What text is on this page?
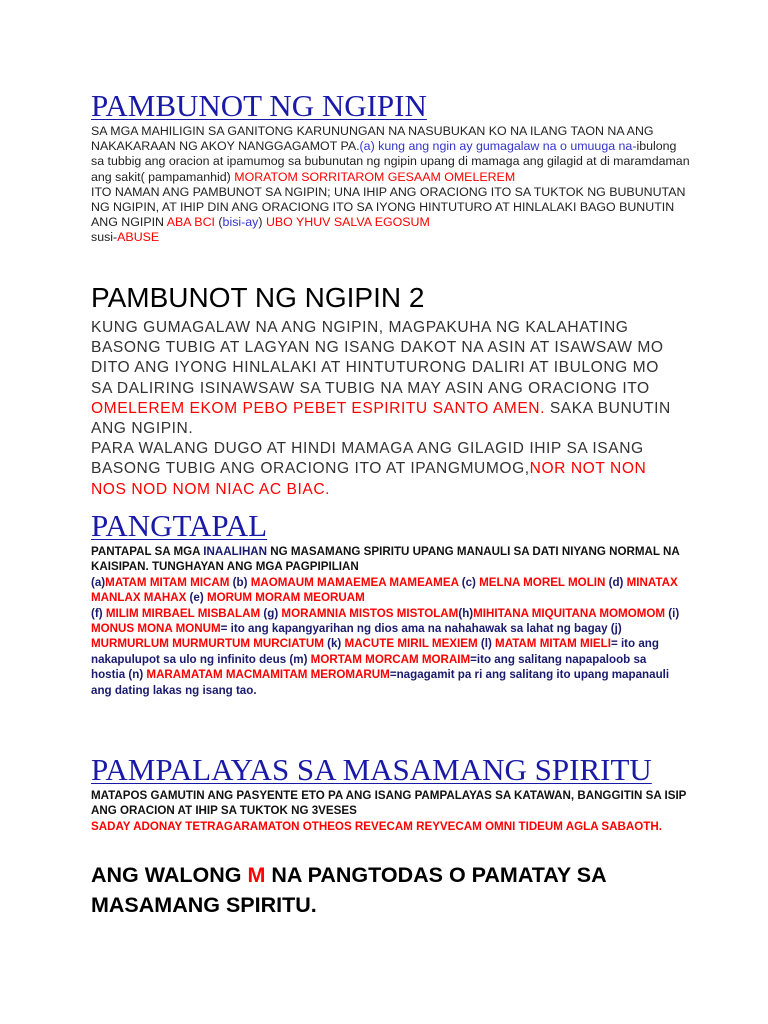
PAMBUNOT NG NGIPIN

SA MGA MAHILIGIN SA GANITONG KARUNUNGAN NA NASUBUKAN KO NA ILANG TAON NA ANG NAKAKARAAN NG AKOY NANGGAGAMOT PA.(a) kung ang ngin ay gumagalaw na o umuuga na-ibulong sa tubbig ang oracion at ipamumog sa bubunutan ng ngipin upang di mamaga ang gilagid at di maramdaman ang sakit( pampamanhid) MORATOM SORRITAROM GESAAM OMELEREM

ITO NAMAN ANG PAMBUNOT SA NGIPIN; UNA IHIP ANG ORACIONG ITO SA TUKTOK NG BUBUNUTAN NG NGIPIN, AT IHIP DIN ANG ORACIONG ITO SA IYONG HINTUTURO AT HINLALAKI BAGO BUNUTIN ANG NGIPIN ABA BCI (bisi-ay) UBO YHUV SALVA EGOSUM

susi-ABUSE

PAMBUNOT NG NGIPIN 2

KUNG GUMAGALAW NA ANG NGIPIN, MAGPAKUHA NG KALAHATING BASONG TUBIG AT LAGYAN NG ISANG DAKOT NA ASIN AT ISAWSAW MO DITO ANG IYONG HINLALAKI AT HINTUTURONG DALIRI AT IBULONG MO SA DALIRING ISINAWSAW SA TUBIG NA MAY ASIN ANG ORACIONG ITO OMELEREM EKOM PEBO PEBET ESPIRITU SANTO AMEN. SAKA BUNUTIN ANG NGIPIN.

PARA WALANG DUGO AT HINDI MAMAGA ANG GILAGID IHIP SA ISANG BASONG TUBIG ANG ORACIONG ITO AT IPANGMUMOG,NOR NOT NON NOS NOD NOM NIAC AC BIAC.

PANGTAPAL

PANTAPAL SA MGA INAALIHAN NG MASAMANG SPIRITU UPANG MANAULI SA DATI NIYANG NORMAL NA KAISIPAN. TUNGHAYAN ANG MGA PAGPIPILIAN

(a)MATAM MITAM MICAM (b) MAOMAUM MAMAEMEA MAMEAMEA (c) MELNA MOREL MOLIN (d) MINATAX MANLAX MAHAX (e) MORUM MORAM MEORUAM
(f) MILIM MIRBAEL MISBALAM (g) MORAMNIA MISTOS MISTOLAM(h)MIHITANA MIQUITANA MOMOMOM (i) MONUS MONA MONUM= ito ang kapangyarihan ng dios ama na nahahawak sa lahat ng bagay (j) MURMURLUM MURMURTUM MURCIATUM (k) MACUTE MIRIL MEXIEM (l) MATAM MITAM MIELI= ito ang nakapulupot sa ulo ng infinito deus (m) MORTAM MORCAM MORAIM=ito ang salitang napapaloob sa hostia (n) MARAMATAM MACMAMITAM MEROMARUM=nagagamit pa ri ang salitang ito upang mapanauli ang dating lakas ng isang tao.

PAMPALAYAS SA MASAMANG SPIRITU

MATAPOS GAMUTIN ANG PASYENTE ETO PA ANG ISANG PAMPALAYAS SA KATAWAN, BANGGITIN SA ISIP ANG ORACION AT IHIP SA TUKTOK NG 3VESES

SADAY ADONAY TETRAGARAMATON OTHEOS REVECAM REYVECAM OMNI TIDEUM AGLA SABAOTH.

ANG WALONG M NA PANGTODAS O PAMATAY SA MASAMANG SPIRITU.
